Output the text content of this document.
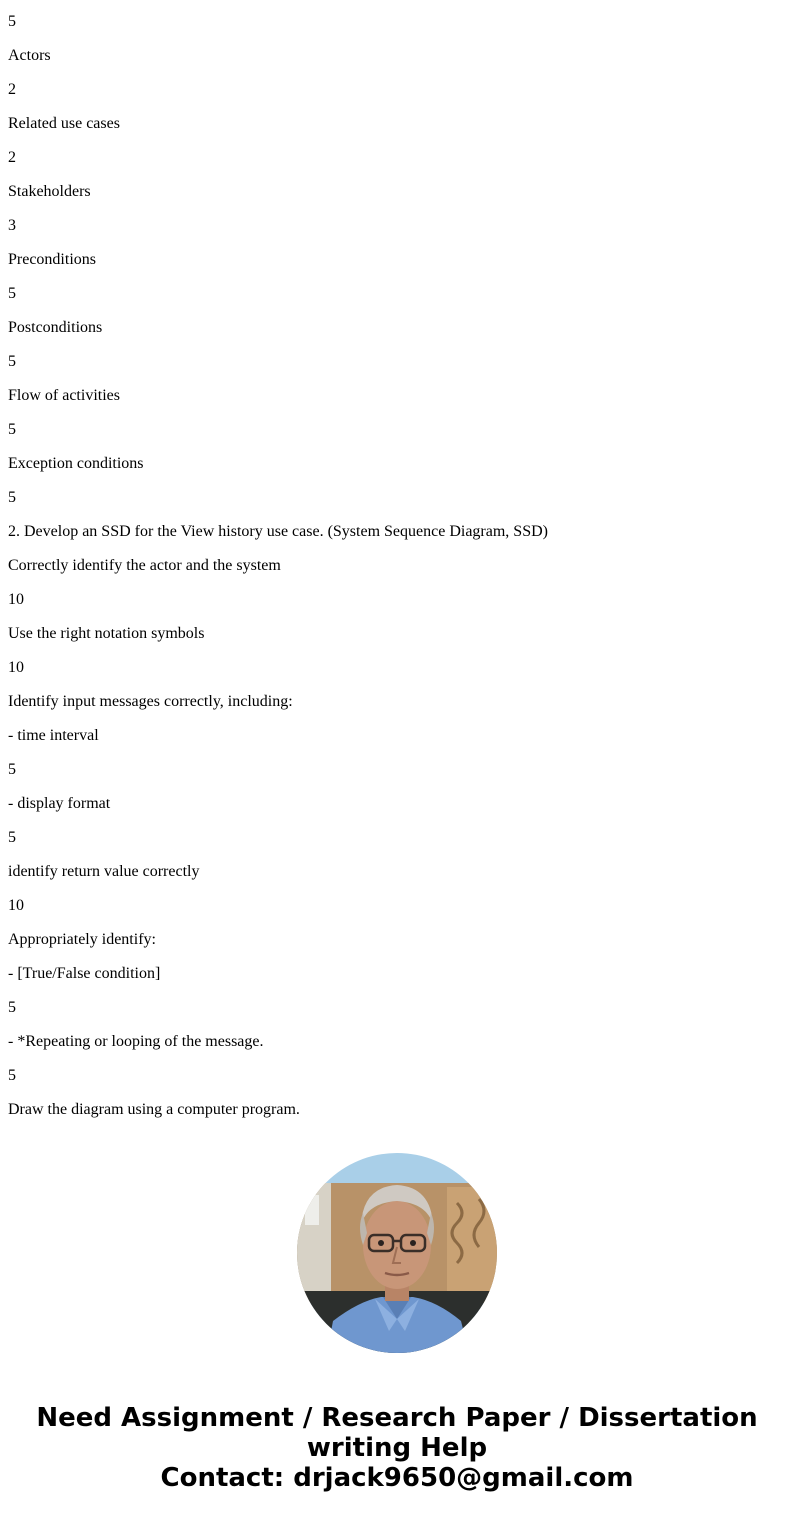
5
Actors
2
Related use cases
2
Stakeholders
3
Preconditions
5
Postconditions
5
Flow of activities
5
Exception conditions
5
2. Develop an SSD for the View history use case. (System Sequence Diagram, SSD)
Correctly identify the actor and the system
10
Use the right notation symbols
10
Identify input messages correctly, including:
- time interval
5
- display format
5
identify return value correctly
10
Appropriately identify:
- [True/False condition]
5
- *Repeating or looping of the message.
5
Draw the diagram using a computer program.
Need Assignment / Research Paper / Dissertation
writing Help
Contact: drjack9650@gmail.com
